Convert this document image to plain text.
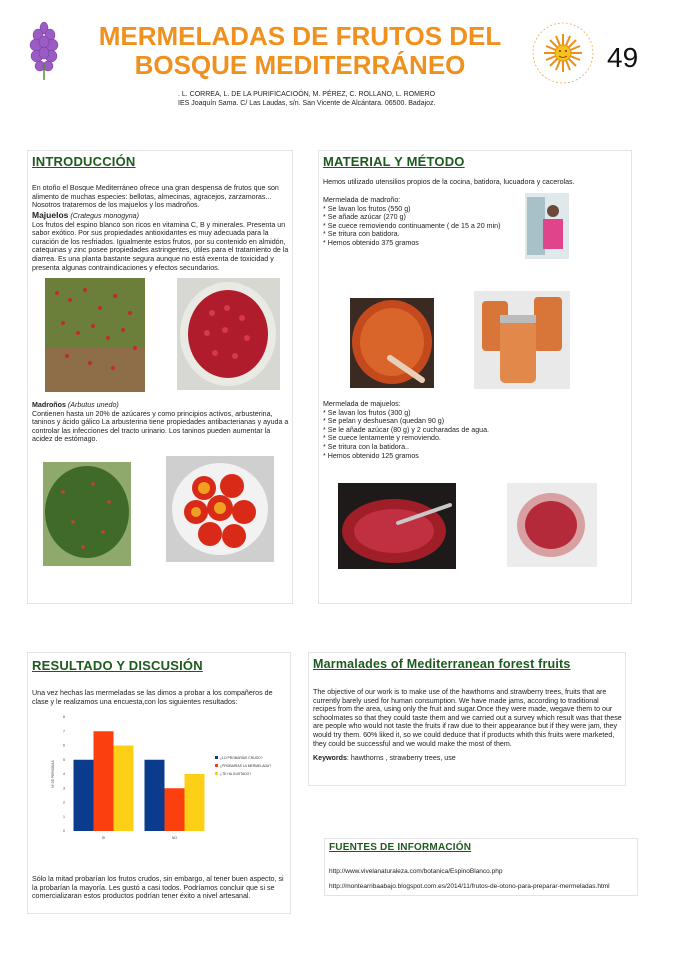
MERMELADAS DE FRUTOS DEL
BOSQUE MEDITERRÁNEO
. L. CORREA, L. DE LA PURIFICACIOÓN, M. PÉREZ, C. ROLLANO, L. ROMERO
IES Joaquín Sama. C/ Las Laudas, s/n. San Vicente de Alcántara. 06500. Badajoz.
49
INTRODUCCIÓN
En otoño el Bosque Mediterráneo ofrece una gran despensa de frutos que son alimento de muchas especies: bellotas, almecinas, agracejos, zarzamoras... Nosotros trataremos de los majuelos y los madroños.
Majuelos (Crategus monogyna)
Los frutos del espino blanco son ricos en vitamina C, B y minerales. Presenta un sabor exótico. Por sus propiedades antioxidantes es muy adecuada para la curación de los resfriados. Igualmente estos frutos, por su contenido en almidón, catequinas y zinc posee propiedades astringentes, útiles para el tratamiento de la diarrea. Es una planta bastante segura aunque no está exenta de toxicidad y presenta algunas contraindicaciones y efectos secundarios.
Madroños (Arbutus unedo)
Contienen hasta un 20% de azúcares y como principios activos, arbusterina, taninos y ácido gálico La arbusterina tiene propiedades antibacterianas y ayuda a controlar las infecciones del tracto urinario. Los taninos pueden aumentar la acidez de estómago.
MATERIAL Y MÉTODO
Hemos utilizado utensilios propios de la cocina, batidora, lucuadora y cacerolas.
Mermelada de madroño:
* Se lavan los frutos (550 g)
* Se añade azúcar (270 g)
* Se cuece removiendo continuamente ( de 15 a 20 min)
* Se tritura con batidora.
* Hemos obtenido 375 gramos
Mermelada de majuelos:
* Se lavan los frutos (300 g)
* Se pelan y deshuesan (quedan 90 g)
* Se le añade azúcar (80 g) y 2 cucharadas de agua.
* Se cuece lentamente y removiendo.
* Se tritura con la batidora..
* Hemos obtenido 125 gramos
RESULTADO Y DISCUSIÓN
Una vez hechas las mermeladas se las dimos a probar a los compañeros de clase y le realizamos una encuesta,con los siguientes resultados:
Nº DE PERSONAS
0
1
2
3
4
5
6
7
8
SI	NO
¿LO PROBARÍAS CRUDO?
¿PROBARÍAS LA MERMELADA?
¿TE HA GUSTADO?
Sólo la mitad probarían los frutos crudos, sin embargo, al tener buen aspecto, si la probarían la mayoría. Les gustó a casi todos. Podríamos concluir que si se comercializaran estos productos podrían tener éxito a nivel artesanal.
Marmalades of Mediterranean forest fruits
The objective of our work is to make use of the hawthorns and strawberry trees, fruits that are currently barely used for human consumption. We have made jams, according to traditional recipes from the area, using only the fruit and sugar.Once they were made, wegave them to our schoolmates so that they could taste them and we carried out a survey which result was that these are people who would not taste the fruits if raw due to their appearance but if they were jam, they would try them. 60% liked it, so we could deduce that if products whith this fruits were marketed, they could be successful and we would make the most of them.
Keywords: hawthorns , strawberry trees, use
FUENTES DE INFORMACIÓN
http://www.vivelanaturaleza.com/botanica/EspinoBlanco.php
http://montearribaabajo.blogspot.com.es/2014/11/frutos-de-otono-para-preparar-mermeladas.html
